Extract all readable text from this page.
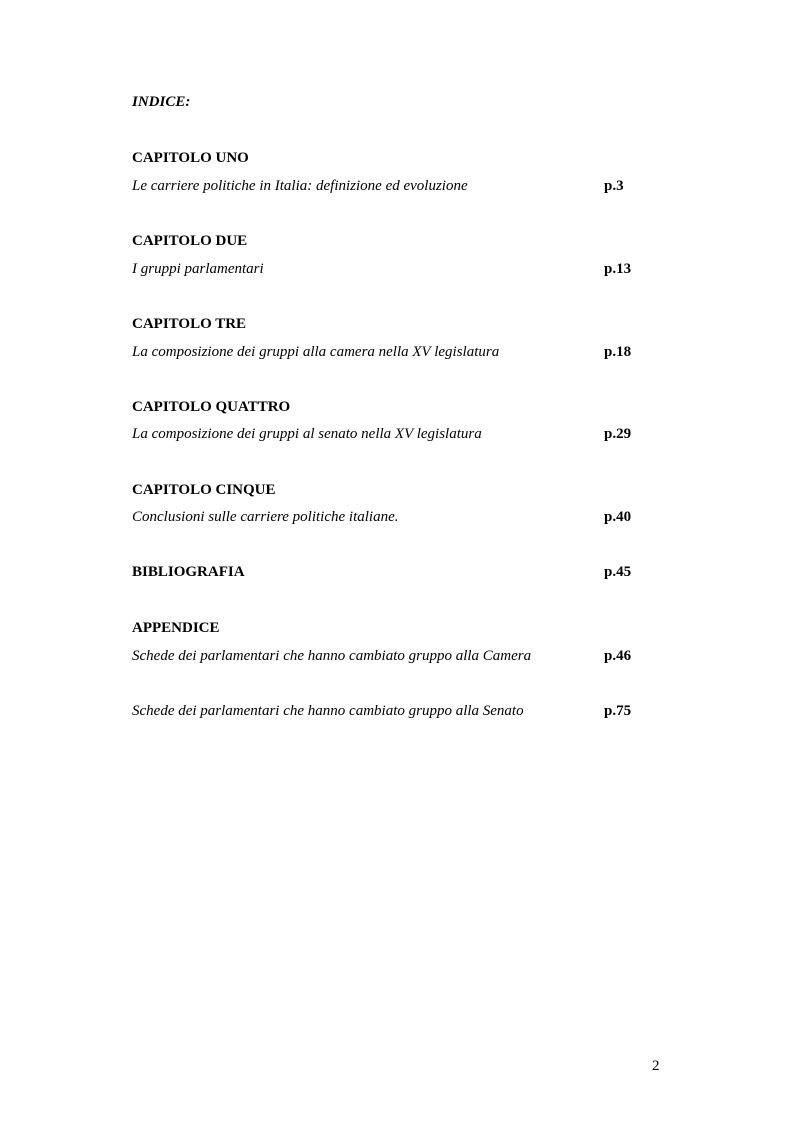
INDICE:
CAPITOLO UNO
Le carriere politiche in Italia: definizione ed evoluzione	p.3
CAPITOLO DUE
I gruppi parlamentari	p.13
CAPITOLO TRE
La composizione dei gruppi alla camera nella XV legislatura	p.18
CAPITOLO QUATTRO
La composizione dei gruppi al senato nella XV legislatura	p.29
CAPITOLO CINQUE
Conclusioni sulle carriere politiche italiane.	p.40
BIBLIOGRAFIA	p.45
APPENDICE
Schede dei parlamentari che hanno cambiato gruppo alla Camera	p.46
Schede dei parlamentari che hanno cambiato gruppo alla Senato	p.75
2
